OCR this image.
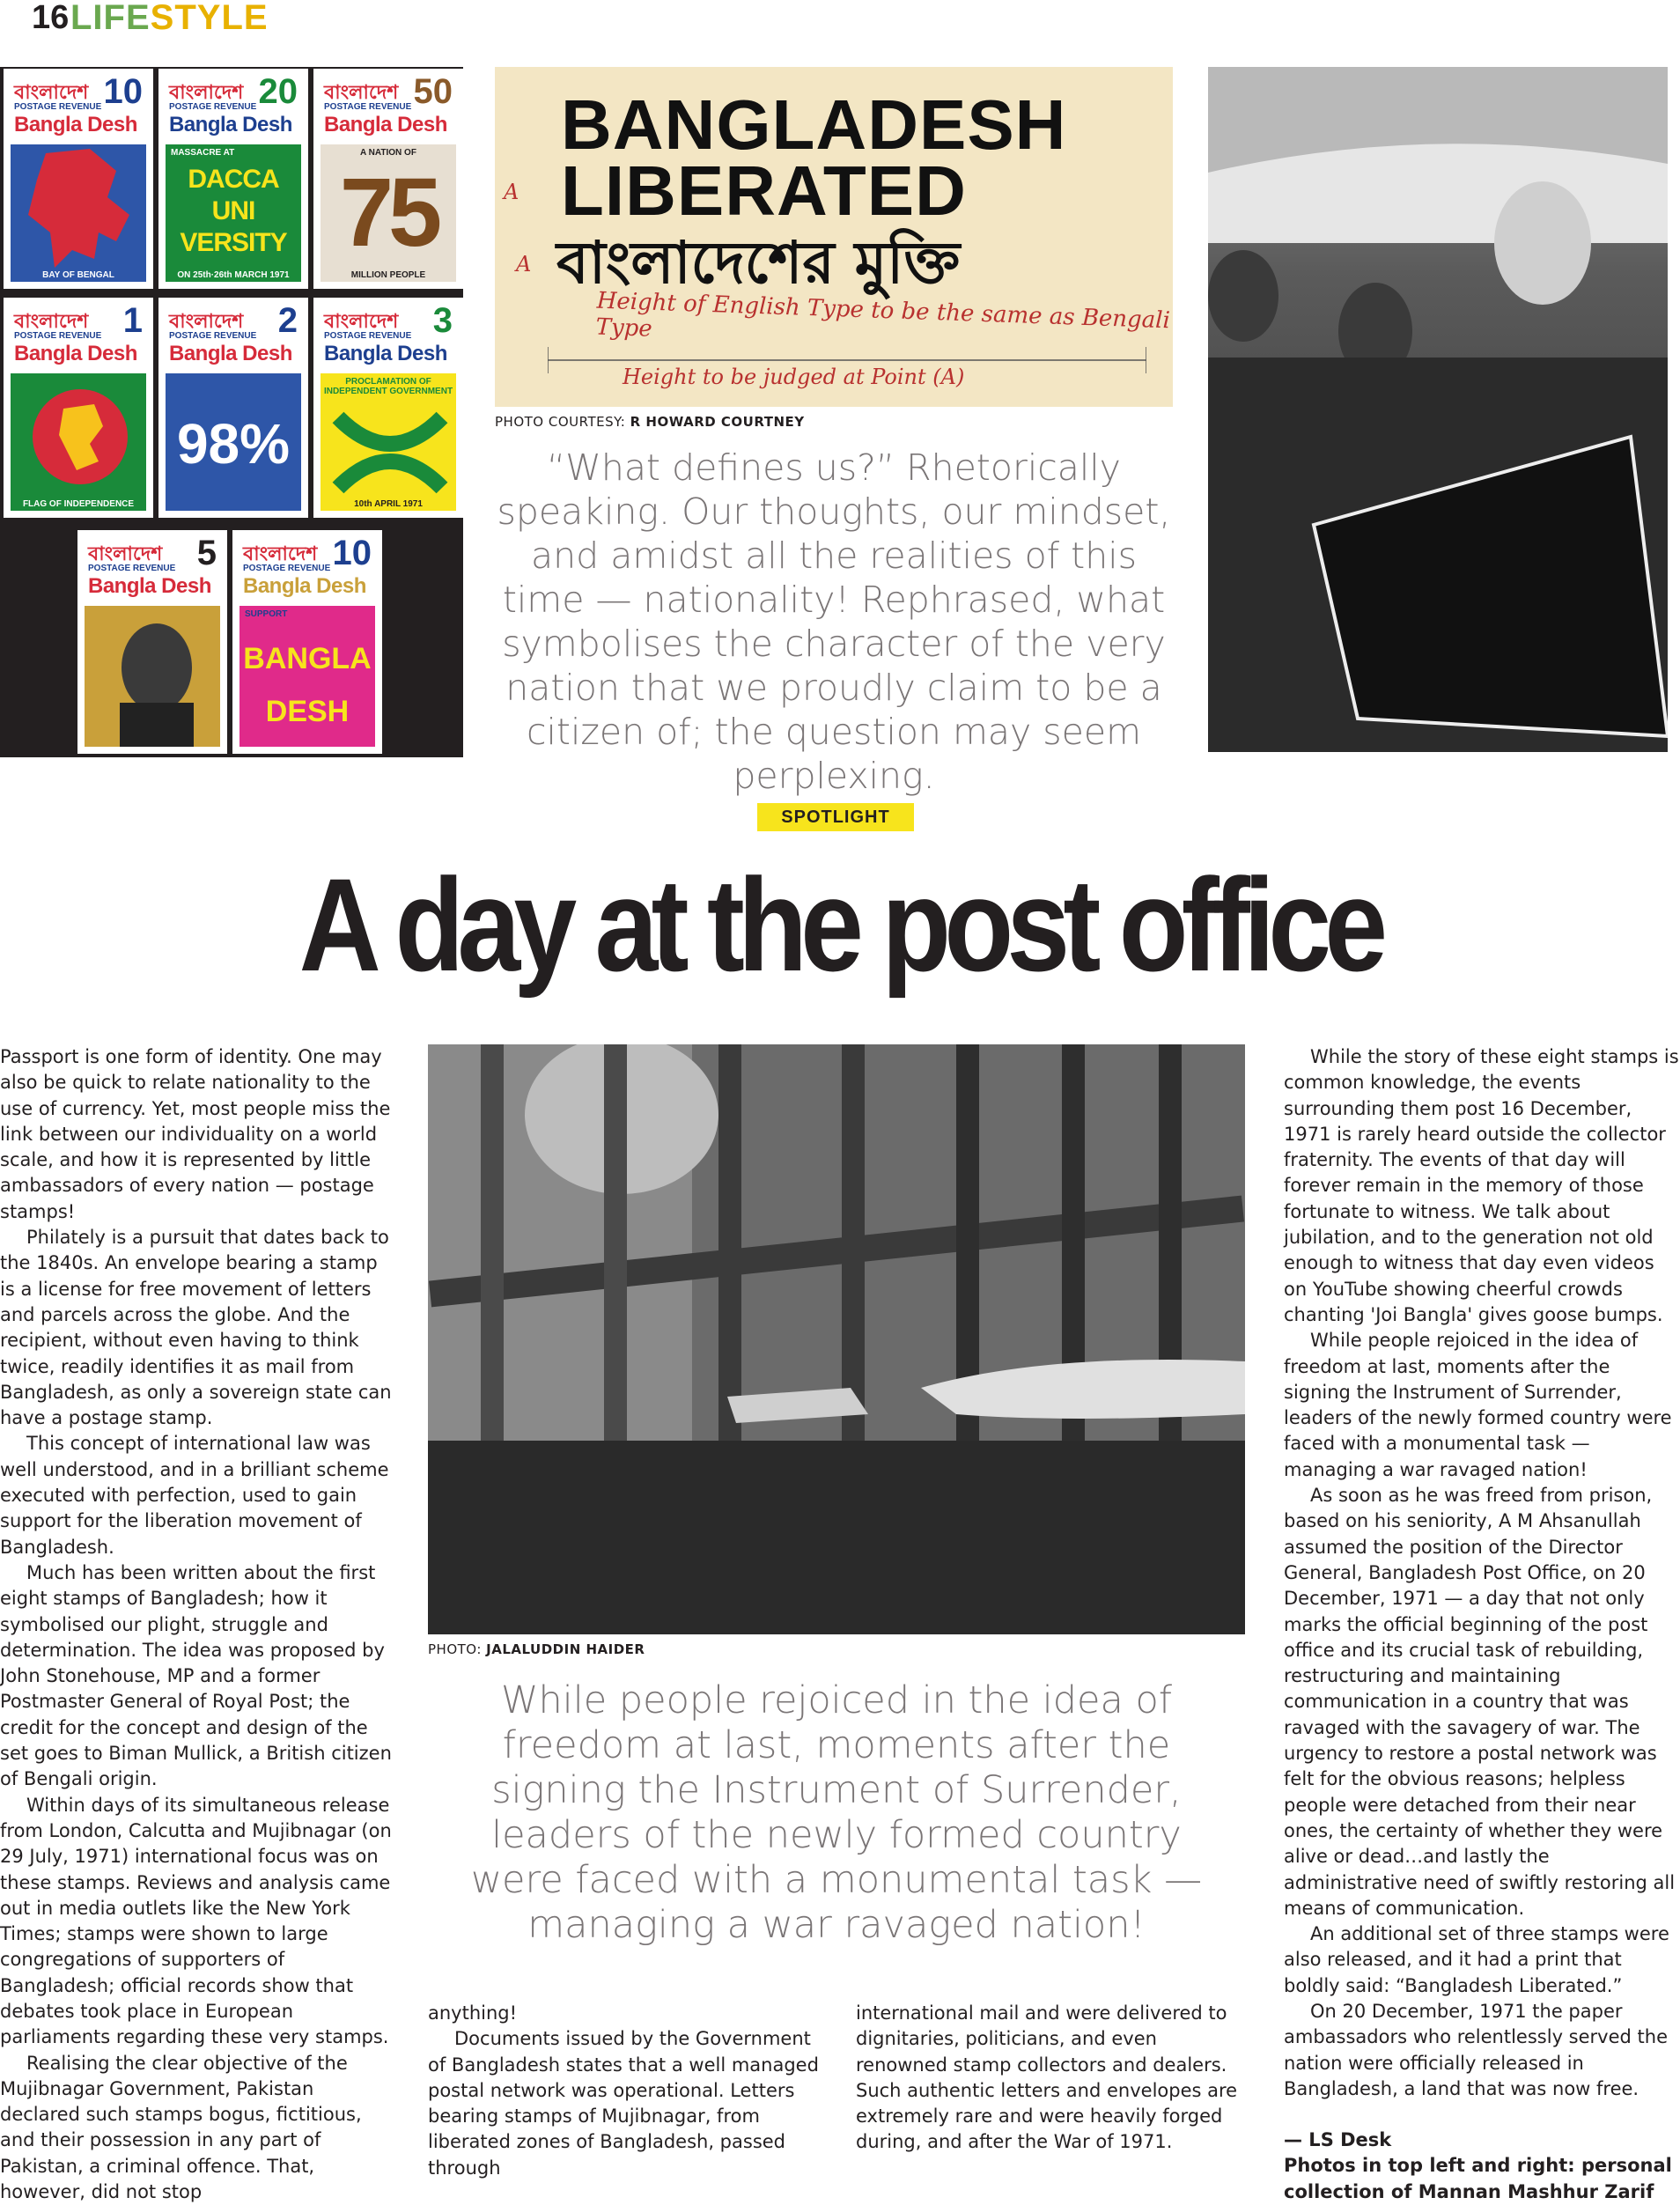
16 LIFESTYLE
বাংলাদেশ 10
POSTAGE REVENUE
Bangla Desh
BAY OF BENGAL
বাংলাদেশ 20
POSTAGE REVENUE
Bangla Desh
MASSACRE AT
DACCA UNI VERSITY
ON 25th·26th MARCH 1971
বাংলাদেশ 50
POSTAGE REVENUE
Bangla Desh
A NATION OF
75
MILLION PEOPLE
বাংলাদেশ 1
POSTAGE REVENUE
Bangla Desh
FLAG OF INDEPENDENCE
বাংলাদেশ 2
POSTAGE REVENUE
Bangla Desh
98%
বাংলাদেশ 3
POSTAGE REVENUE
Bangla Desh
PROCLAMATION OF INDEPENDENT GOVERNMENT
10th APRIL 1971
বাংলাদেশ 5
POSTAGE REVENUE
Bangla Desh
বাংলাদেশ 10
POSTAGE REVENUE
Bangla Desh
SUPPORT
BANGLA DESH
BANGLADESH
LIBERATED
বাংলাদেশের মুক্তি
A
A
Height of English Type to be the same as Bengali Type
Height to be judged at Point (A)
PHOTO COURTESY: R HOWARD COURTNEY
“What defines us?” Rhetorically speaking. Our thoughts, our mindset, and amidst all the realities of this time — nationality! Rephrased, what symbolises the character of the very nation that we proudly claim to be a citizen of; the question may seem perplexing.
SPOTLIGHT
A day at the post office

Passport is one form of identity. One may also be quick to relate nationality to the use of currency. Yet, most people miss the link between our individuality on a world scale, and how it is represented by little ambassadors of every nation — postage stamps!

Philately is a pursuit that dates back to the 1840s. An envelope bearing a stamp is a license for free movement of letters and parcels across the globe. And the recipient, without even having to think twice, readily identifies it as mail from Bangladesh, as only a sovereign state can have a postage stamp.

This concept of international law was well understood, and in a brilliant scheme executed with perfection, used to gain support for the liberation movement of Bangladesh.

Much has been written about the first eight stamps of Bangladesh; how it symbolised our plight, struggle and determination. The idea was proposed by John Stonehouse, MP and a former Postmaster General of Royal Post; the credit for the concept and design of the set goes to Biman Mullick, a British citizen of Bengali origin.

Within days of its simultaneous release from London, Calcutta and Mujibnagar (on 29 July, 1971) international focus was on these stamps. Reviews and analysis came out in media outlets like the New York Times; stamps were shown to large congregations of supporters of Bangladesh; official records show that debates took place in European parliaments regarding these very stamps.

Realising the clear objective of the Mujibnagar Government, Pakistan declared such stamps bogus, fictitious, and their possession in any part of Pakistan, a criminal offence. That, however, did not stop

PHOTO: JALALUDDIN HAIDER
While people rejoiced in the idea of freedom at last, moments after the signing the Instrument of Surrender, leaders of the newly formed country were faced with a monumental task — managing a war ravaged nation!

anything!

Documents issued by the Government of Bangladesh states that a well managed postal network was operational. Letters bearing stamps of Mujibnagar, from liberated zones of Bangladesh, passed through

international mail and were delivered to dignitaries, politicians, and even renowned stamp collectors and dealers. Such authentic letters and envelopes are extremely rare and were heavily forged during, and after the War of 1971.

While the story of these eight stamps is common knowledge, the events surrounding them post 16 December, 1971 is rarely heard outside the collector fraternity. The events of that day will forever remain in the memory of those fortunate to witness. We talk about jubilation, and to the generation not old enough to witness that day even videos on YouTube showing cheerful crowds chanting 'Joi Bangla' gives goose bumps.

While people rejoiced in the idea of freedom at last, moments after the signing the Instrument of Surrender, leaders of the newly formed country were faced with a monumental task — managing a war ravaged nation!

As soon as he was freed from prison, based on his seniority, A M Ahsanullah assumed the position of the Director General, Bangladesh Post Office, on 20 December, 1971 — a day that not only marks the official beginning of the post office and its crucial task of rebuilding, restructuring and maintaining communication in a country that was ravaged with the savagery of war. The urgency to restore a postal network was felt for the obvious reasons; helpless people were detached from their near ones, the certainty of whether they were alive or dead…and lastly the administrative need of swiftly restoring all means of communication.

An additional set of three stamps were also released, and it had a print that boldly said: “Bangladesh Liberated.”

On 20 December, 1971 the paper ambassadors who relentlessly served the nation were officially released in Bangladesh, a land that was now free.

— LS Desk
Photos in top left and right: personal collection of Mannan Mashhur Zarif
